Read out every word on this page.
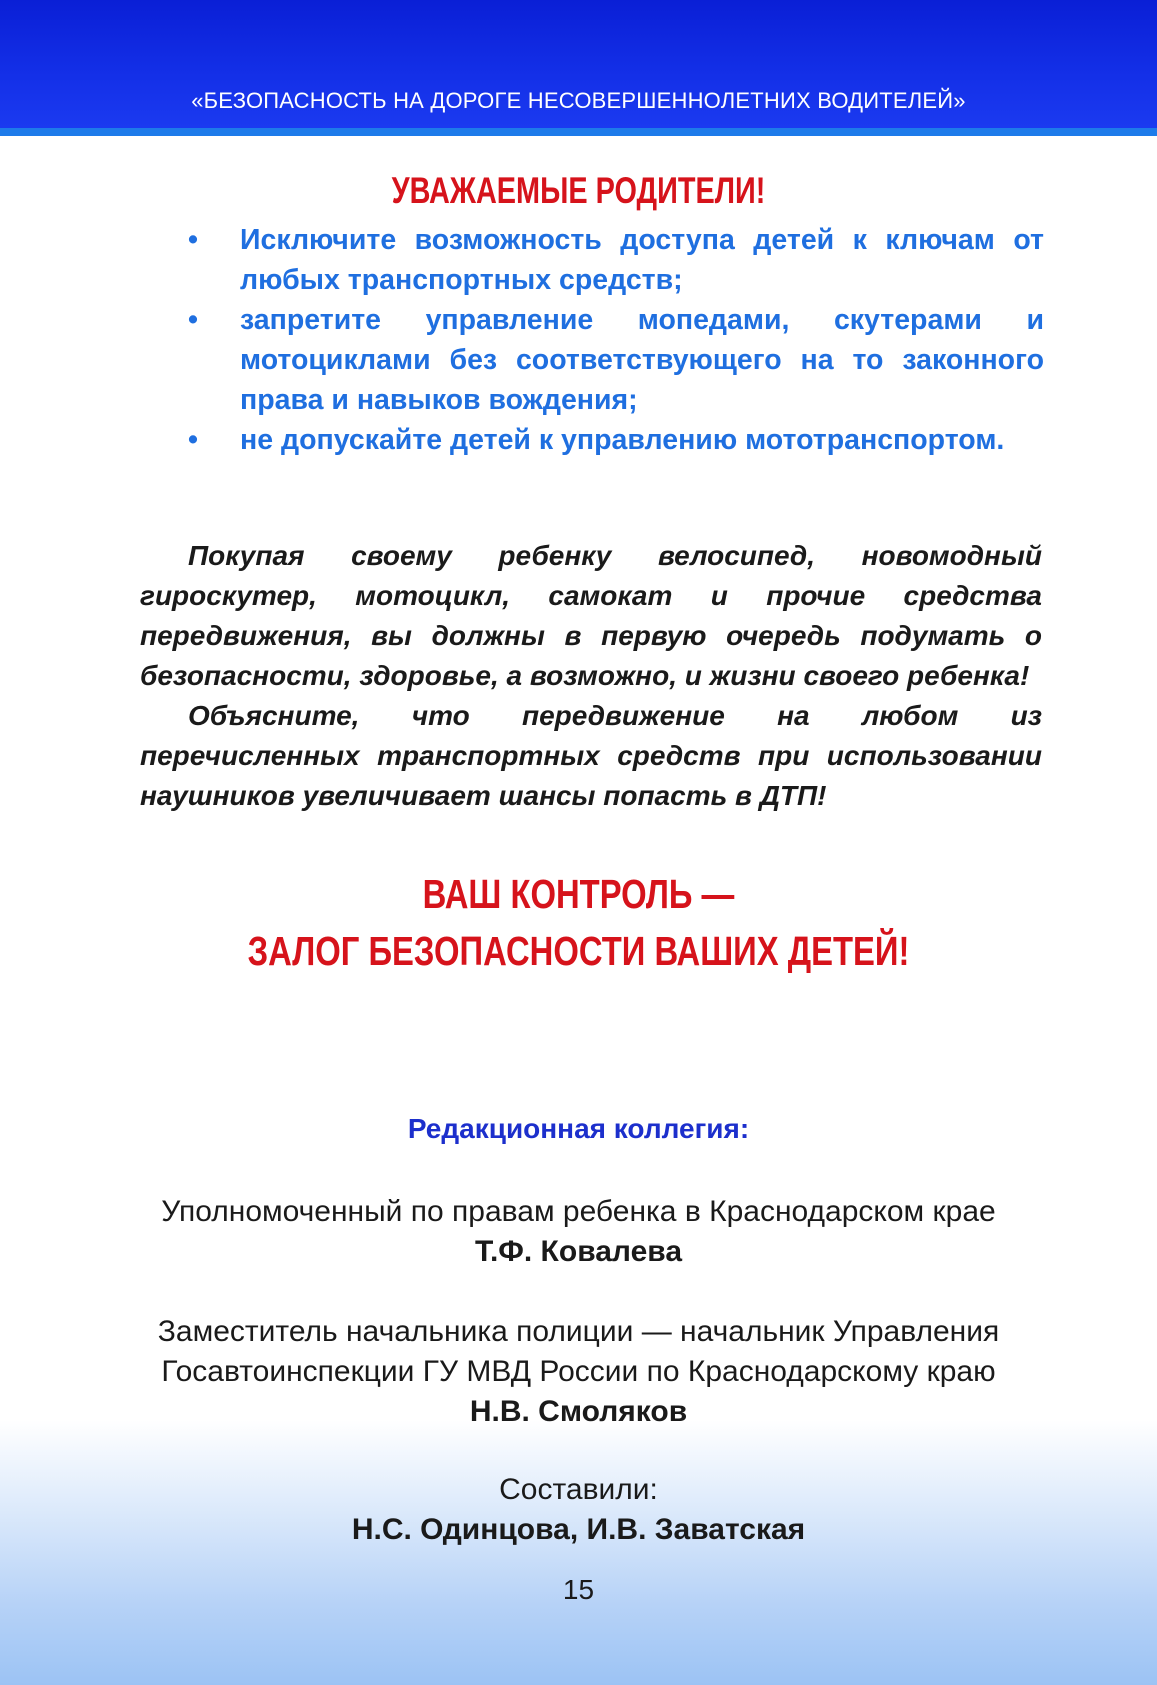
«БЕЗОПАСНОСТЬ НА ДОРОГЕ НЕСОВЕРШЕННОЛЕТНИХ ВОДИТЕЛЕЙ»
УВАЖАЕМЫЕ РОДИТЕЛИ!
• Исключите возможность доступа детей к ключам от любых транспортных средств;
• запретите управление мопедами, скутерами и мотоциклами без соответствующего на то законного права и навыков вождения;
• не допускайте детей к управлению мототранспортом.

Покупая своему ребенку велосипед, новомодный гироскутер, мотоцикл, самокат и прочие средства передвижения, вы должны в первую очередь подумать о безопасности, здоровье, а возможно, и жизни своего ребенка!

Объясните, что передвижение на любом из перечисленных транспортных средств при использовании наушников увеличивает шансы попасть в ДТП!

ВАШ КОНТРОЛЬ —
ЗАЛОГ БЕЗОПАСНОСТИ ВАШИХ ДЕТЕЙ!
Редакционная коллегия:
Уполномоченный по правам ребенка в Краснодарском крае
Т.Ф. Ковалева
Заместитель начальника полиции — начальник Управления
Госавтоинспекции ГУ МВД России по Краснодарскому краю
Н.В. Смоляков
Составили:
Н.С. Одинцова, И.В. Заватская
15
